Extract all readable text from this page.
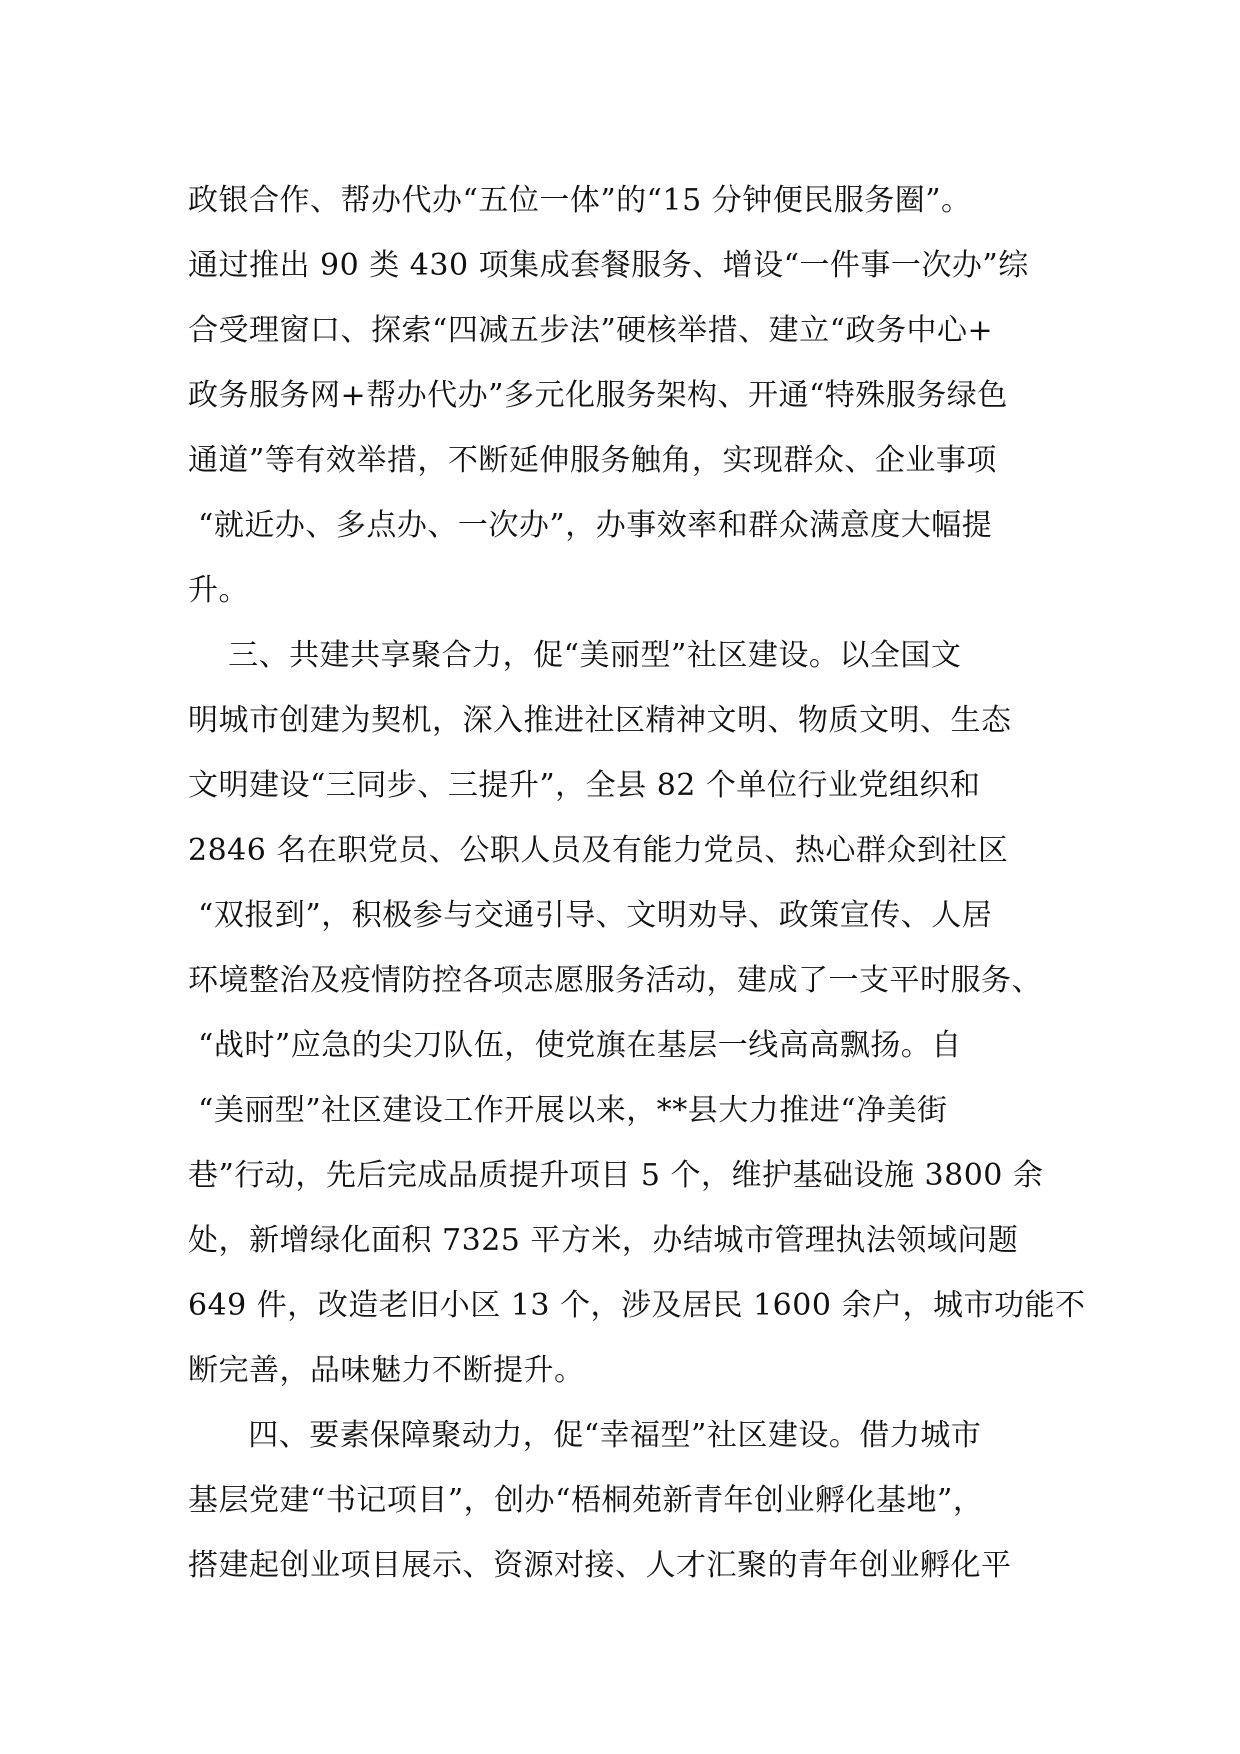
政银合作、帮办代办“五位一体”的“15 分钟便民服务圈”。
通过推出 90 类 430 项集成套餐服务、增设“一件事一次办”综
合受理窗口、探索“四减五步法”硬核举措、建立“政务中心+
政务服务网+帮办代办”多元化服务架构、开通“特殊服务绿色
通道”等有效举措，不断延伸服务触角，实现群众、企业事项
“就近办、多点办、一次办”，办事效率和群众满意度大幅提
升。
三、共建共享聚合力，促“美丽型”社区建设。以全国文
明城市创建为契机，深入推进社区精神文明、物质文明、生态
文明建设“三同步、三提升”，全县 82 个单位行业党组织和
2846 名在职党员、公职人员及有能力党员、热心群众到社区
“双报到”，积极参与交通引导、文明劝导、政策宣传、人居
环境整治及疫情防控各项志愿服务活动，建成了一支平时服务、
“战时”应急的尖刀队伍，使党旗在基层一线高高飘扬。自
“美丽型”社区建设工作开展以来，**县大力推进“净美街
巷”行动，先后完成品质提升项目 5 个，维护基础设施 3800 余
处，新增绿化面积 7325 平方米，办结城市管理执法领域问题
649 件，改造老旧小区 13 个，涉及居民 1600 余户，城市功能不
断完善，品味魅力不断提升。
四、要素保障聚动力，促“幸福型”社区建设。借力城市
基层党建“书记项目”，创办“梧桐苑新青年创业孵化基地”，
搭建起创业项目展示、资源对接、人才汇聚的青年创业孵化平
